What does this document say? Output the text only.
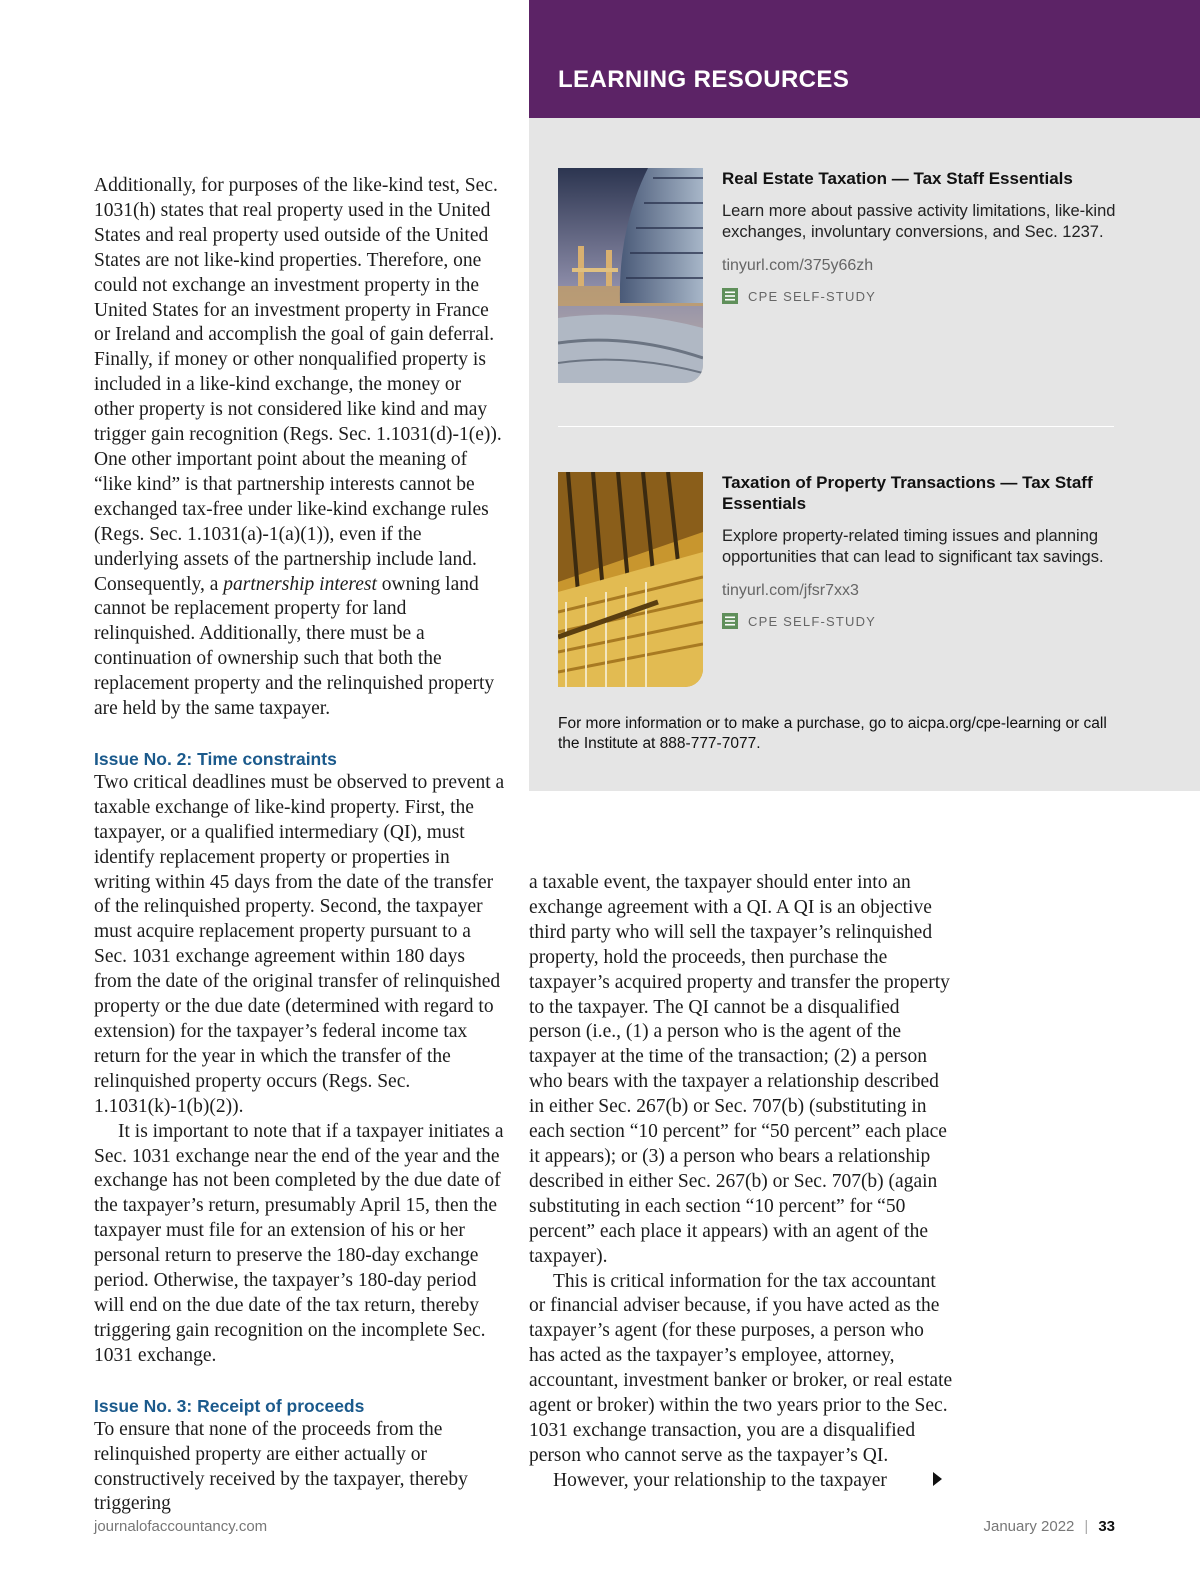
LEARNING RESOURCES

Real Estate Taxation — Tax Staff Essentials

Learn more about passive activity limitations, like-kind exchanges, involuntary conversions, and Sec. 1237.

tinyurl.com/375y66zh

CPE SELF-STUDY

Taxation of Property Transactions — Tax Staff Essentials

Explore property-related timing issues and planning opportunities that can lead to significant tax savings.

tinyurl.com/jfsr7xx3

CPE SELF-STUDY

For more information or to make a purchase, go to aicpa.org/cpe-learning or call the Institute at 888-777-7077.

Additionally, for purposes of the like-kind test, Sec. 1031(h) states that real property used in the United States and real property used outside of the United States are not like-kind properties. Therefore, one could not exchange an investment property in the United States for an investment property in France or Ireland and accomplish the goal of gain deferral. Finally, if money or other nonqualified property is included in a like-kind exchange, the money or other property is not considered like kind and may trigger gain recognition (Regs. Sec. 1.1031(d)-1(e)). One other important point about the meaning of “like kind” is that partnership interests cannot be exchanged tax-free under like-kind exchange rules (Regs. Sec. 1.1031(a)-1(a)(1)), even if the underlying assets of the partnership include land. Consequently, a partnership interest owning land cannot be replacement property for land relinquished. Additionally, there must be a continuation of ownership such that both the replacement property and the relinquished property are held by the same taxpayer.

Issue No. 2: Time constraints

Two critical deadlines must be observed to prevent a taxable exchange of like-kind property. First, the taxpayer, or a qualified intermediary (QI), must identify replacement property or properties in writing within 45 days from the date of the transfer of the relinquished property. Second, the taxpayer must acquire replacement property pursuant to a Sec. 1031 exchange agreement within 180 days from the date of the original transfer of relinquished property or the due date (determined with regard to extension) for the taxpayer’s federal income tax return for the year in which the transfer of the relinquished property occurs (Regs. Sec. 1.1031(k)-1(b)(2)).

It is important to note that if a taxpayer initiates a Sec. 1031 exchange near the end of the year and the exchange has not been completed by the due date of the taxpayer’s return, presumably April 15, then the taxpayer must file for an extension of his or her personal return to preserve the 180-day exchange period. Otherwise, the taxpayer’s 180-day period will end on the due date of the tax return, thereby triggering gain recognition on the incomplete Sec. 1031 exchange.

Issue No. 3: Receipt of proceeds

To ensure that none of the proceeds from the relinquished property are either actually or constructively received by the taxpayer, thereby triggering

a taxable event, the taxpayer should enter into an exchange agreement with a QI. A QI is an objective third party who will sell the taxpayer’s relinquished property, hold the proceeds, then purchase the taxpayer’s acquired property and transfer the property to the taxpayer. The QI cannot be a disqualified person (i.e., (1) a person who is the agent of the taxpayer at the time of the transaction; (2) a person who bears with the taxpayer a relationship described in either Sec. 267(b) or Sec. 707(b) (substituting in each section “10 percent” for “50 percent” each place it appears); or (3) a person who bears a relationship described in either Sec. 267(b) or Sec. 707(b) (again substituting in each section “10 percent” for “50 percent” each place it appears) with an agent of the taxpayer).

This is critical information for the tax accountant or financial adviser because, if you have acted as the taxpayer’s agent (for these purposes, a person who has acted as the taxpayer’s employee, attorney, accountant, investment banker or broker, or real estate agent or broker) within the two years prior to the Sec. 1031 exchange transaction, you are a disqualified person who cannot serve as the taxpayer’s QI.

However, your relationship to the taxpayer

journalofaccountancy.com	January 2022 | 33
